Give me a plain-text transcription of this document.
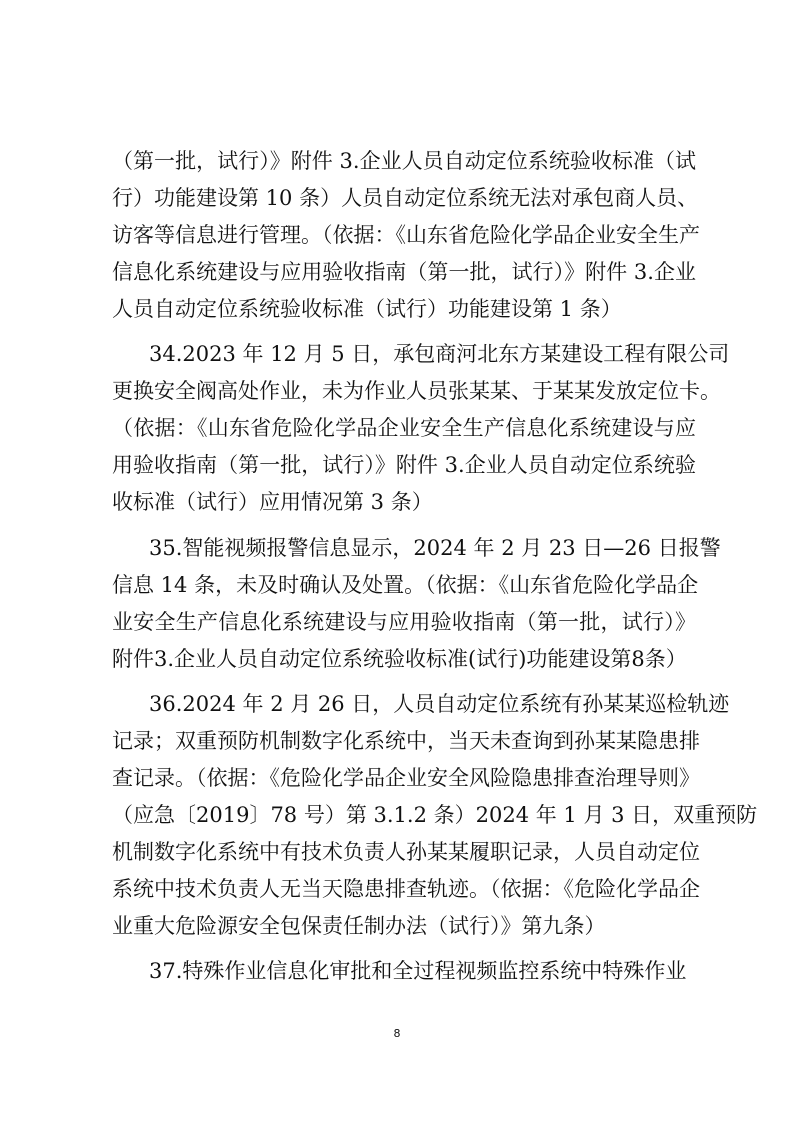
（第一批，试行）》附件 3.企业人员自动定位系统验收标准（试
行）功能建设第 10 条）人员自动定位系统无法对承包商人员、
访客等信息进行管理。（依据：《山东省危险化学品企业安全生产
信息化系统建设与应用验收指南（第一批，试行）》附件 3.企业
人员自动定位系统验收标准（试行）功能建设第 1 条）
34.2023 年 12 月 5 日，承包商河北东方某建设工程有限公司
更换安全阀高处作业，未为作业人员张某某、于某某发放定位卡。
（依据：《山东省危险化学品企业安全生产信息化系统建设与应
用验收指南（第一批，试行）》附件 3.企业人员自动定位系统验
收标准（试行）应用情况第 3 条）
35.智能视频报警信息显示，2024 年 2 月 23 日—26 日报警
信息 14 条，未及时确认及处置。（依据：《山东省危险化学品企
业安全生产信息化系统建设与应用验收指南（第一批，试行）》
附件3.企业人员自动定位系统验收标准(试行)功能建设第8条）
36.2024 年 2 月 26 日，人员自动定位系统有孙某某巡检轨迹
记录；双重预防机制数字化系统中，当天未查询到孙某某隐患排
查记录。（依据：《危险化学品企业安全风险隐患排查治理导则》
（应急〔2019〕78 号）第 3.1.2 条）2024 年 1 月 3 日，双重预防
机制数字化系统中有技术负责人孙某某履职记录，人员自动定位
系统中技术负责人无当天隐患排查轨迹。（依据：《危险化学品企
业重大危险源安全包保责任制办法（试行）》第九条）
37.特殊作业信息化审批和全过程视频监控系统中特殊作业
8
